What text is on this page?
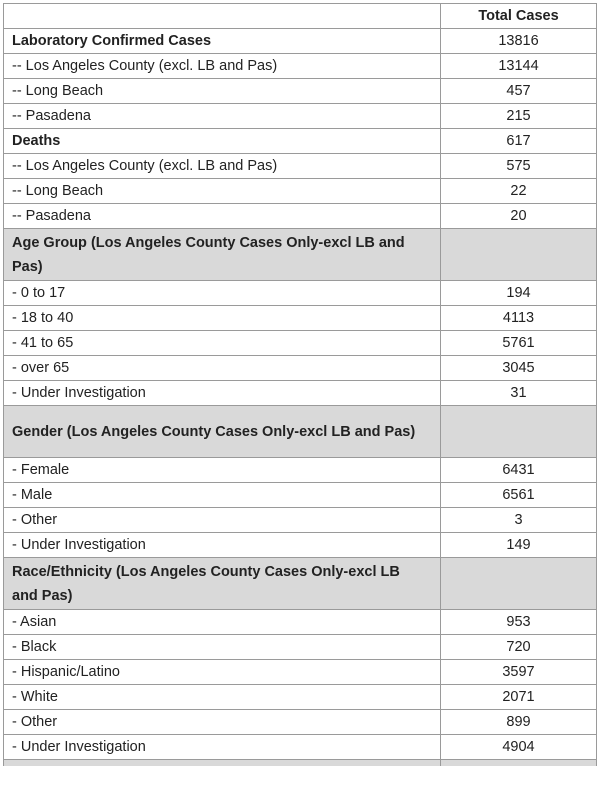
	Total Cases
Laboratory Confirmed Cases	13816
-- Los Angeles County (excl. LB and Pas)	13144
-- Long Beach	457
-- Pasadena	215
Deaths	617
-- Los Angeles County (excl. LB and Pas)	575
-- Long Beach	22
-- Pasadena	20

Age Group (Los Angeles County Cases Only-excl LB and Pas)	

- 0 to 17	194
- 18 to 40	4113
- 41 to 65	5761
- over 65	3045
- Under Investigation	31

Gender (Los Angeles County Cases Only-excl LB and Pas)	

- Female	6431
- Male	6561
- Other	3
- Under Investigation	149

Race/Ethnicity (Los Angeles County Cases Only-excl LB and Pas)	

- Asian	953
- Black	720
- Hispanic/Latino	3597
- White	2071
- Other	899
- Under Investigation	4904
